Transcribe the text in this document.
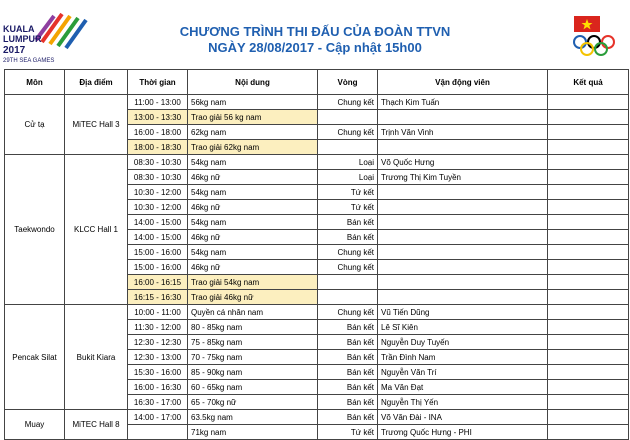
KUALA
LUMPUR
2017
29TH SEA GAMES
CHƯƠNG TRÌNH THI ĐẤU CỦA ĐOÀN TTVN
NGÀY 28/08/2017 - Cập nhật 15h00
Môn	Địa điểm	Thời gian	Nội dung	Vòng	Vận động viên	Kết quả
Cử tạ	MiTEC Hall 3	11:00 - 13:00	56kg nam	Chung kết	Thạch Kim Tuấn	
		13:00 - 13:30	Trao giải 56 kg nam			
		16:00 - 18:00	62kg nam	Chung kết	Trịnh Văn Vinh	
		18:00 - 18:30	Trao giải 62kg nam			
Taekwondo	KLCC Hall 1	08:30 - 10:30	54kg nam	Loại	Võ Quốc Hưng	
		08:30 - 10:30	46kg nữ	Loại	Trương Thị Kim Tuyền	
		10:30 - 12:00	54kg nam	Tứ kết		
		10:30 - 12:00	46kg nữ	Tứ kết		
		14:00 - 15:00	54kg nam	Bán kết		
		14:00 - 15:00	46kg nữ	Bán kết		
		15:00 - 16:00	54kg nam	Chung kết		
		15:00 - 16:00	46kg nữ	Chung kết		
		16:00 - 16:15	Trao giải 54kg nam			
		16:15 - 16:30	Trao giải 46kg nữ			
Pencak Silat	Bukit Kiara	10:00 - 11:00	Quyền cá nhân nam	Chung kết	Vũ Tiến Dũng	
		11:30 - 12:00	80 - 85kg nam	Bán kết	Lê Sĩ Kiên	
		12:30 - 12:30	75 - 85kg nam	Bán kết	Nguyễn Duy Tuyến	
		12:30 - 13:00	70 - 75kg nam	Bán kết	Trần Đình Nam	
		15:30 - 16:00	85 - 90kg nam	Bán kết	Nguyễn Văn Trí	
		16:00 - 16:30	60 - 65kg nam	Bán kết	Ma Văn Đạt	
		16:30 - 17:00	65 - 70kg nữ	Bán kết	Nguyễn Thị Yến	
Muay	MiTEC Hall 8	14:00 - 17:00	63.5kg nam	Bán kết	Võ Văn Đài - INA	
			71kg nam	Tứ kết	Trương Quốc Hưng - PHI	
